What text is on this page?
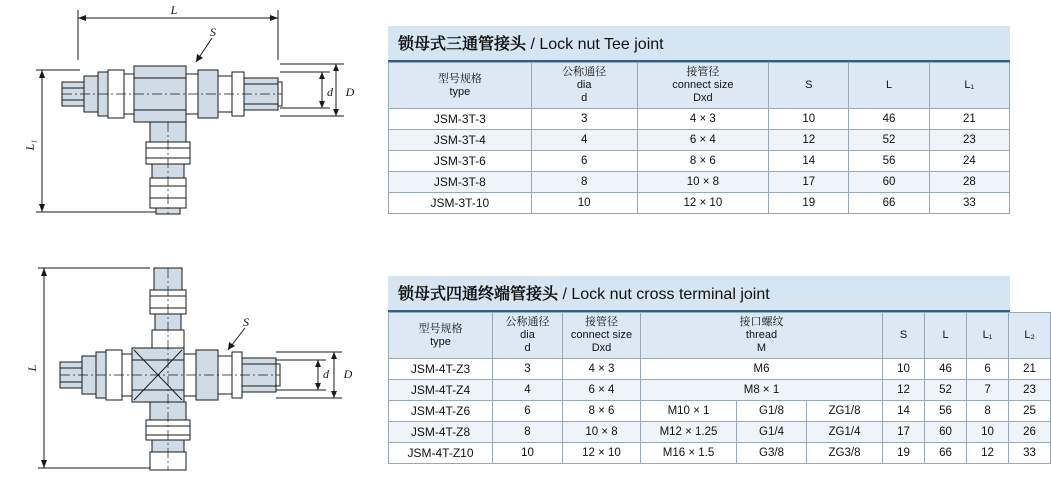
L
S
d D
L₁
S
d D
L
锁母式三通管接头 / Lock nut Tee joint
型号规格
type	公称通径
dia
d	接管径
connect size
Dxd	S	L	L₁
JSM-3T-3	3	4 × 3	10	46	21
JSM-3T-4	4	6 × 4	12	52	23
JSM-3T-6	6	8 × 6	14	56	24
JSM-3T-8	8	10 × 8	17	60	28
JSM-3T-10	10	12 × 10	19	66	33
锁母式四通终端管接头 / Lock nut cross terminal joint
型号规格
type	公称通径
dia
d	接管径
connect size
Dxd	接口螺纹
thread
M			S	L	L₁	L₂
JSM-4T-Z3	3	4 × 3	M6			10	46	6	21
JSM-4T-Z4	4	6 × 4	M8 × 1			12	52	7	23
JSM-4T-Z6	6	8 × 6	M10 × 1	G1/8	ZG1/8	14	56	8	25
JSM-4T-Z8	8	10 × 8	M12 × 1.25	G1/4	ZG1/4	17	60	10	26
JSM-4T-Z10	10	12 × 10	M16 × 1.5	G3/8	ZG3/8	19	66	12	33
